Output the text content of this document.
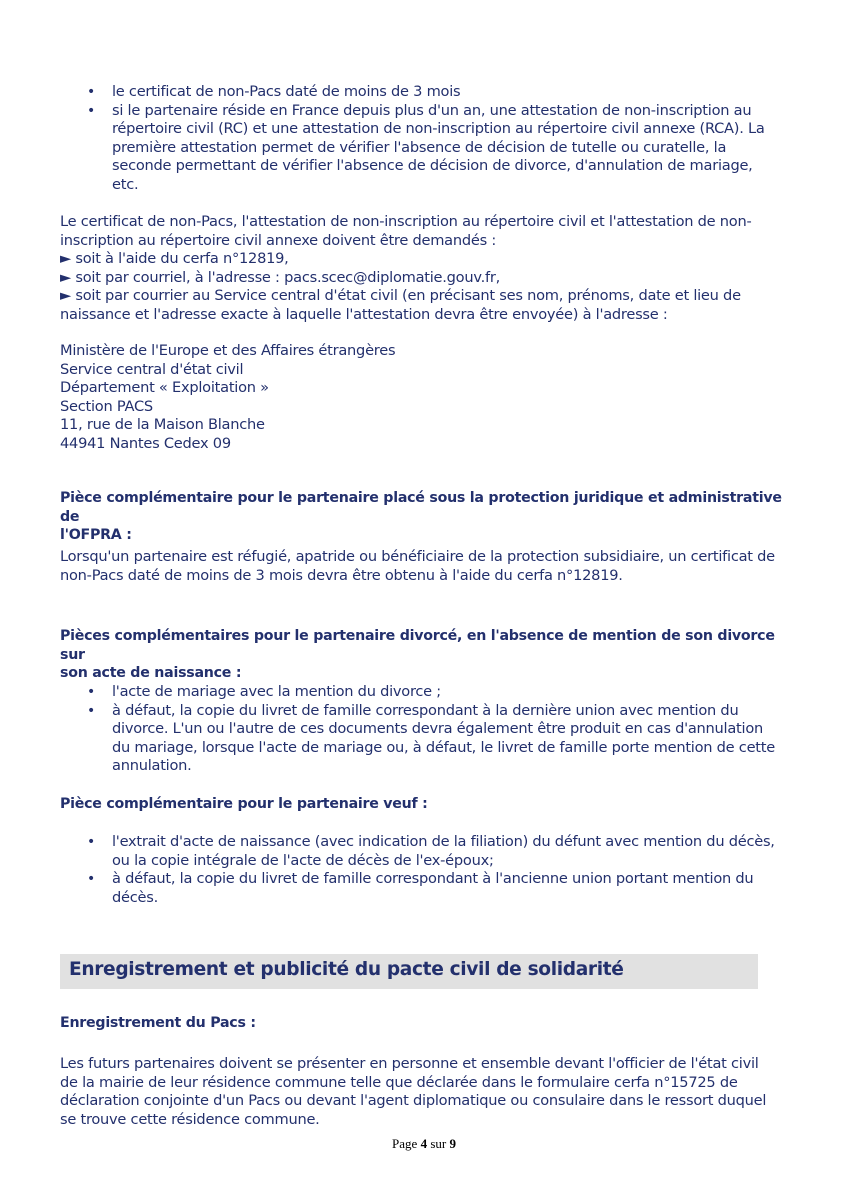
• le certificat de non-Pacs daté de moins de 3 mois
• si le partenaire réside en France depuis plus d'un an, une attestation de non-inscription au
répertoire civil (RC) et une attestation de non-inscription au répertoire civil annexe (RCA). La
première attestation permet de vérifier l'absence de décision de tutelle ou curatelle, la
seconde permettant de vérifier l'absence de décision de divorce, d'annulation de mariage,
etc.
Le certificat de non-Pacs, l'attestation de non-inscription au répertoire civil et l'attestation de non-
inscription au répertoire civil annexe doivent être demandés :
► soit à l'aide du cerfa n°12819,
► soit par courriel, à l'adresse : pacs.scec@diplomatie.gouv.fr,
► soit par courrier au Service central d'état civil (en précisant ses nom, prénoms, date et lieu de
naissance et l'adresse exacte à laquelle l'attestation devra être envoyée) à l'adresse :
Ministère de l'Europe et des Affaires étrangères
Service central d'état civil
Département « Exploitation »
Section PACS
11, rue de la Maison Blanche
44941 Nantes Cedex 09
Pièce complémentaire pour le partenaire placé sous la protection juridique et administrative de
l'OFPRA :
Lorsqu'un partenaire est réfugié, apatride ou bénéficiaire de la protection subsidiaire, un certificat de
non-Pacs daté de moins de 3 mois devra être obtenu à l'aide du cerfa n°12819.
Pièces complémentaires pour le partenaire divorcé, en l'absence de mention de son divorce sur
son acte de naissance :
• l'acte de mariage avec la mention du divorce ;
• à défaut, la copie du livret de famille correspondant à la dernière union avec mention du
divorce. L'un ou l'autre de ces documents devra également être produit en cas d'annulation
du mariage, lorsque l'acte de mariage ou, à défaut, le livret de famille porte mention de cette
annulation.
Pièce complémentaire pour le partenaire veuf :
• l'extrait d'acte de naissance (avec indication de la filiation) du défunt avec mention du décès,
ou la copie intégrale de l'acte de décès de l'ex-époux;
• à défaut, la copie du livret de famille correspondant à l'ancienne union portant mention du
décès.
Enregistrement et publicité du pacte civil de solidarité
Enregistrement du Pacs :
Les futurs partenaires doivent se présenter en personne et ensemble devant l'officier de l'état civil
de la mairie de leur résidence commune telle que déclarée dans le formulaire cerfa n°15725 de
déclaration conjointe d'un Pacs ou devant l'agent diplomatique ou consulaire dans le ressort duquel
se trouve cette résidence commune.
Page 4 sur 9
